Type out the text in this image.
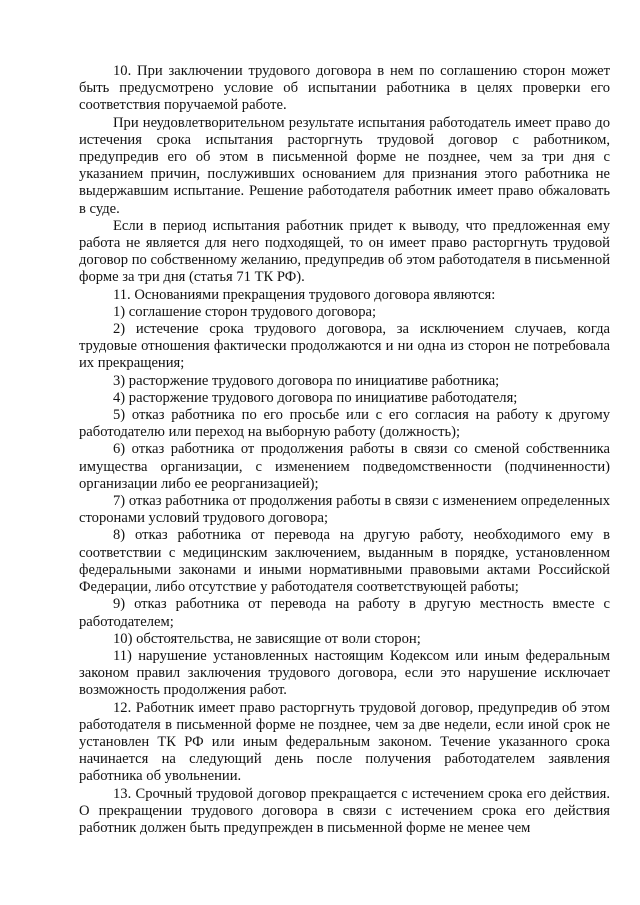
10. При заключении трудового договора в нем по соглашению сторон может быть предусмотрено условие об испытании работника в целях проверки его соответствия поручаемой работе.

При неудовлетворительном результате испытания работодатель имеет право до истечения срока испытания расторгнуть трудовой договор с работником, предупредив его об этом в письменной форме не позднее, чем за три дня с указанием причин, послуживших основанием для признания этого работника не выдержавшим испытание. Решение работодателя работник имеет право обжаловать в суде.

Если в период испытания работник придет к выводу, что предложенная ему работа не является для него подходящей, то он имеет право расторгнуть трудовой договор по собственному желанию, предупредив об этом работодателя в письменной форме за три дня (статья 71 ТК РФ).

11. Основаниями прекращения трудового договора являются:

1) соглашение сторон трудового договора;

2) истечение срока трудового договора, за исключением случаев, когда трудовые отношения фактически продолжаются и ни одна из сторон не потребовала их прекращения;

3) расторжение трудового договора по инициативе работника;

4) расторжение трудового договора по инициативе работодателя;

5) отказ работника по его просьбе или с его согласия на работу к другому работодателю или переход на выборную работу (должность);

6) отказ работника от продолжения работы в связи со сменой собственника имущества организации, с изменением подведомственности (подчиненности) организации либо ее реорганизацией);

7) отказ работника от продолжения работы в связи с изменением определенных сторонами условий трудового договора;

8) отказ работника от перевода на другую работу, необходимого ему в соответствии с медицинским заключением, выданным в порядке, установленном федеральными законами и иными нормативными правовыми актами Российской Федерации, либо отсутствие у работодателя соответствующей работы;

9) отказ работника от перевода на работу в другую местность вместе с работодателем;

10) обстоятельства, не зависящие от воли сторон;

11) нарушение установленных настоящим Кодексом или иным федеральным законом правил заключения трудового договора, если это нарушение исключает возможность продолжения работ.

12. Работник имеет право расторгнуть трудовой договор, предупредив об этом работодателя в письменной форме не позднее, чем за две недели, если иной срок не установлен ТК РФ или иным федеральным законом. Течение указанного срока начинается на следующий день после получения работодателем заявления работника об увольнении.

13. Срочный трудовой договор прекращается с истечением срока его действия. О прекращении трудового договора в связи с истечением срока его действия работник должен быть предупрежден в письменной форме не менее чем
